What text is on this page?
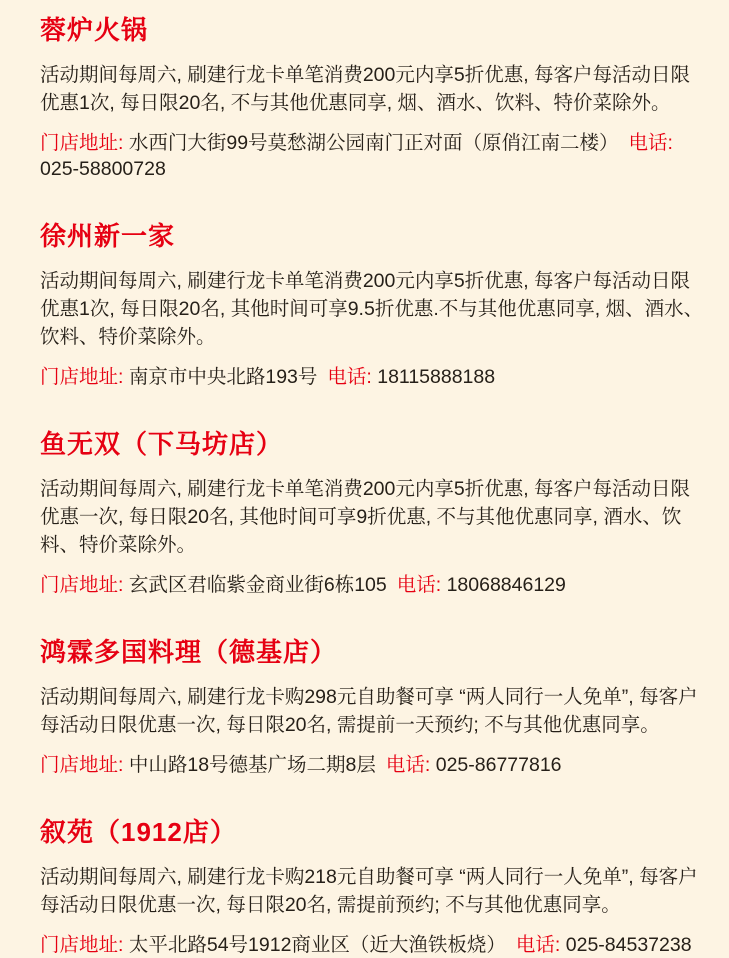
蓉炉火锅

活动期间每周六, 刷建行龙卡单笔消费200元内享5折优惠, 每客户每活动日限优惠1次, 每日限20名, 不与其他优惠同享, 烟、酒水、饮料、特价菜除外。

门店地址: 水西门大街99号莫愁湖公园南门正对面（原俏江南二楼） 电话: 025-58800728

徐州新一家

活动期间每周六, 刷建行龙卡单笔消费200元内享5折优惠, 每客户每活动日限优惠1次, 每日限20名, 其他时间可享9.5折优惠.不与其他优惠同享, 烟、酒水、饮料、特价菜除外。

门店地址: 南京市中央北路193号 电话: 18115888188

鱼无双（下马坊店）

活动期间每周六, 刷建行龙卡单笔消费200元内享5折优惠, 每客户每活动日限优惠一次, 每日限20名, 其他时间可享9折优惠, 不与其他优惠同享, 酒水、饮料、特价菜除外。

门店地址: 玄武区君临紫金商业街6栋105 电话: 18068846129

鸿霖多国料理（德基店）

活动期间每周六, 刷建行龙卡购298元自助餐可享 “两人同行一人免单”, 每客户每活动日限优惠一次, 每日限20名, 需提前一天预约; 不与其他优惠同享。

门店地址: 中山路18号德基广场二期8层 电话: 025-86777816

叙苑（1912店）

活动期间每周六, 刷建行龙卡购218元自助餐可享 “两人同行一人免单”, 每客户每活动日限优惠一次, 每日限20名, 需提前预约; 不与其他优惠同享。

门店地址: 太平北路54号1912商业区（近大渔铁板烧） 电话: 025-84537238
